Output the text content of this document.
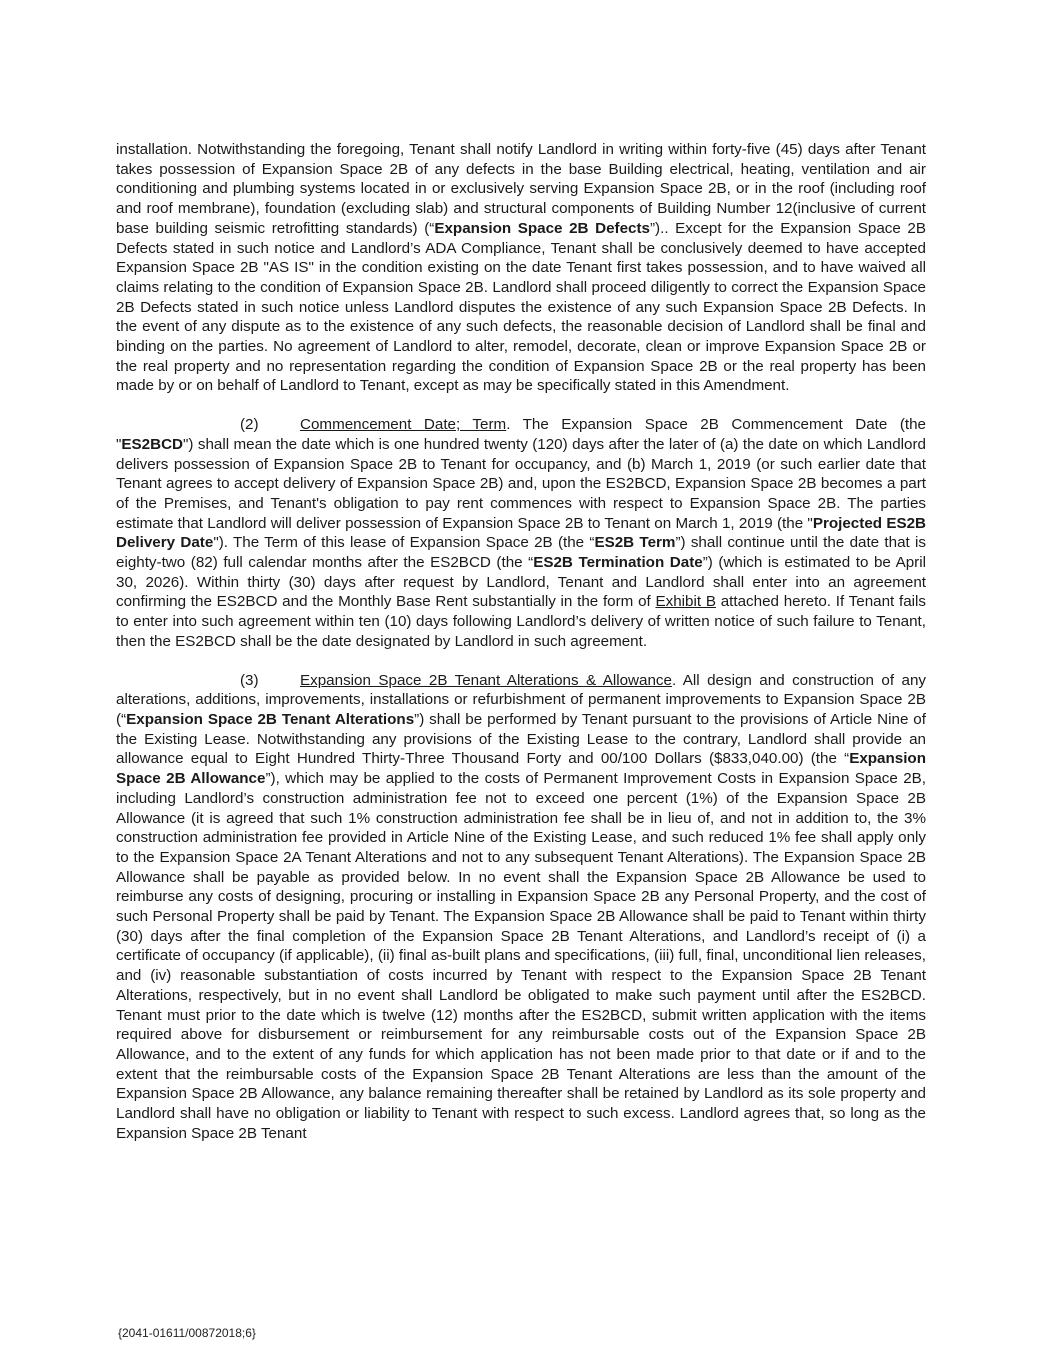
installation. Notwithstanding the foregoing, Tenant shall notify Landlord in writing within forty-five (45) days after Tenant takes possession of Expansion Space 2B of any defects in the base Building electrical, heating, ventilation and air conditioning and plumbing systems located in or exclusively serving Expansion Space 2B, or in the roof (including roof and roof membrane), foundation (excluding slab) and structural components of Building Number 12(inclusive of current base building seismic retrofitting standards) (“Expansion Space 2B Defects”).. Except for the Expansion Space 2B Defects stated in such notice and Landlord’s ADA Compliance, Tenant shall be conclusively deemed to have accepted Expansion Space 2B "AS IS" in the condition existing on the date Tenant first takes possession, and to have waived all claims relating to the condition of Expansion Space 2B. Landlord shall proceed diligently to correct the Expansion Space 2B Defects stated in such notice unless Landlord disputes the existence of any such Expansion Space 2B Defects. In the event of any dispute as to the existence of any such defects, the reasonable decision of Landlord shall be final and binding on the parties. No agreement of Landlord to alter, remodel, decorate, clean or improve Expansion Space 2B or the real property and no representation regarding the condition of Expansion Space 2B or the real property has been made by or on behalf of Landlord to Tenant, except as may be specifically stated in this Amendment.

(2)	Commencement Date; Term. The Expansion Space 2B Commencement Date (the "ES2BCD") shall mean the date which is one hundred twenty (120) days after the later of (a) the date on which Landlord delivers possession of Expansion Space 2B to Tenant for occupancy, and (b) March 1, 2019 (or such earlier date that Tenant agrees to accept delivery of Expansion Space 2B) and, upon the ES2BCD, Expansion Space 2B becomes a part of the Premises, and Tenant's obligation to pay rent commences with respect to Expansion Space 2B. The parties estimate that Landlord will deliver possession of Expansion Space 2B to Tenant on March 1, 2019 (the "Projected ES2B Delivery Date"). The Term of this lease of Expansion Space 2B (the “ES2B Term”) shall continue until the date that is eighty-two (82) full calendar months after the ES2BCD (the “ES2B Termination Date”) (which is estimated to be April 30, 2026). Within thirty (30) days after request by Landlord, Tenant and Landlord shall enter into an agreement confirming the ES2BCD and the Monthly Base Rent substantially in the form of Exhibit B attached hereto. If Tenant fails to enter into such agreement within ten (10) days following Landlord’s delivery of written notice of such failure to Tenant, then the ES2BCD shall be the date designated by Landlord in such agreement.

(3)	Expansion Space 2B Tenant Alterations & Allowance. All design and construction of any alterations, additions, improvements, installations or refurbishment of permanent improvements to Expansion Space 2B (“Expansion Space 2B Tenant Alterations”) shall be performed by Tenant pursuant to the provisions of Article Nine of the Existing Lease. Notwithstanding any provisions of the Existing Lease to the contrary, Landlord shall provide an allowance equal to Eight Hundred Thirty-Three Thousand Forty and 00/100 Dollars ($833,040.00) (the “Expansion Space 2B Allowance”), which may be applied to the costs of Permanent Improvement Costs in Expansion Space 2B, including Landlord’s construction administration fee not to exceed one percent (1%) of the Expansion Space 2B Allowance (it is agreed that such 1% construction administration fee shall be in lieu of, and not in addition to, the 3% construction administration fee provided in Article Nine of the Existing Lease, and such reduced 1% fee shall apply only to the Expansion Space 2A Tenant Alterations and not to any subsequent Tenant Alterations). The Expansion Space 2B Allowance shall be payable as provided below. In no event shall the Expansion Space 2B Allowance be used to reimburse any costs of designing, procuring or installing in Expansion Space 2B any Personal Property, and the cost of such Personal Property shall be paid by Tenant. The Expansion Space 2B Allowance shall be paid to Tenant within thirty (30) days after the final completion of the Expansion Space 2B Tenant Alterations, and Landlord’s receipt of (i) a certificate of occupancy (if applicable), (ii) final as-built plans and specifications, (iii) full, final, unconditional lien releases, and (iv) reasonable substantiation of costs incurred by Tenant with respect to the Expansion Space 2B Tenant Alterations, respectively, but in no event shall Landlord be obligated to make such payment until after the ES2BCD. Tenant must prior to the date which is twelve (12) months after the ES2BCD, submit written application with the items required above for disbursement or reimbursement for any reimbursable costs out of the Expansion Space 2B Allowance, and to the extent of any funds for which application has not been made prior to that date or if and to the extent that the reimbursable costs of the Expansion Space 2B Tenant Alterations are less than the amount of the Expansion Space 2B Allowance, any balance remaining thereafter shall be retained by Landlord as its sole property and Landlord shall have no obligation or liability to Tenant with respect to such excess. Landlord agrees that, so long as the Expansion Space 2B Tenant

{2041-01611/00872018;6}
